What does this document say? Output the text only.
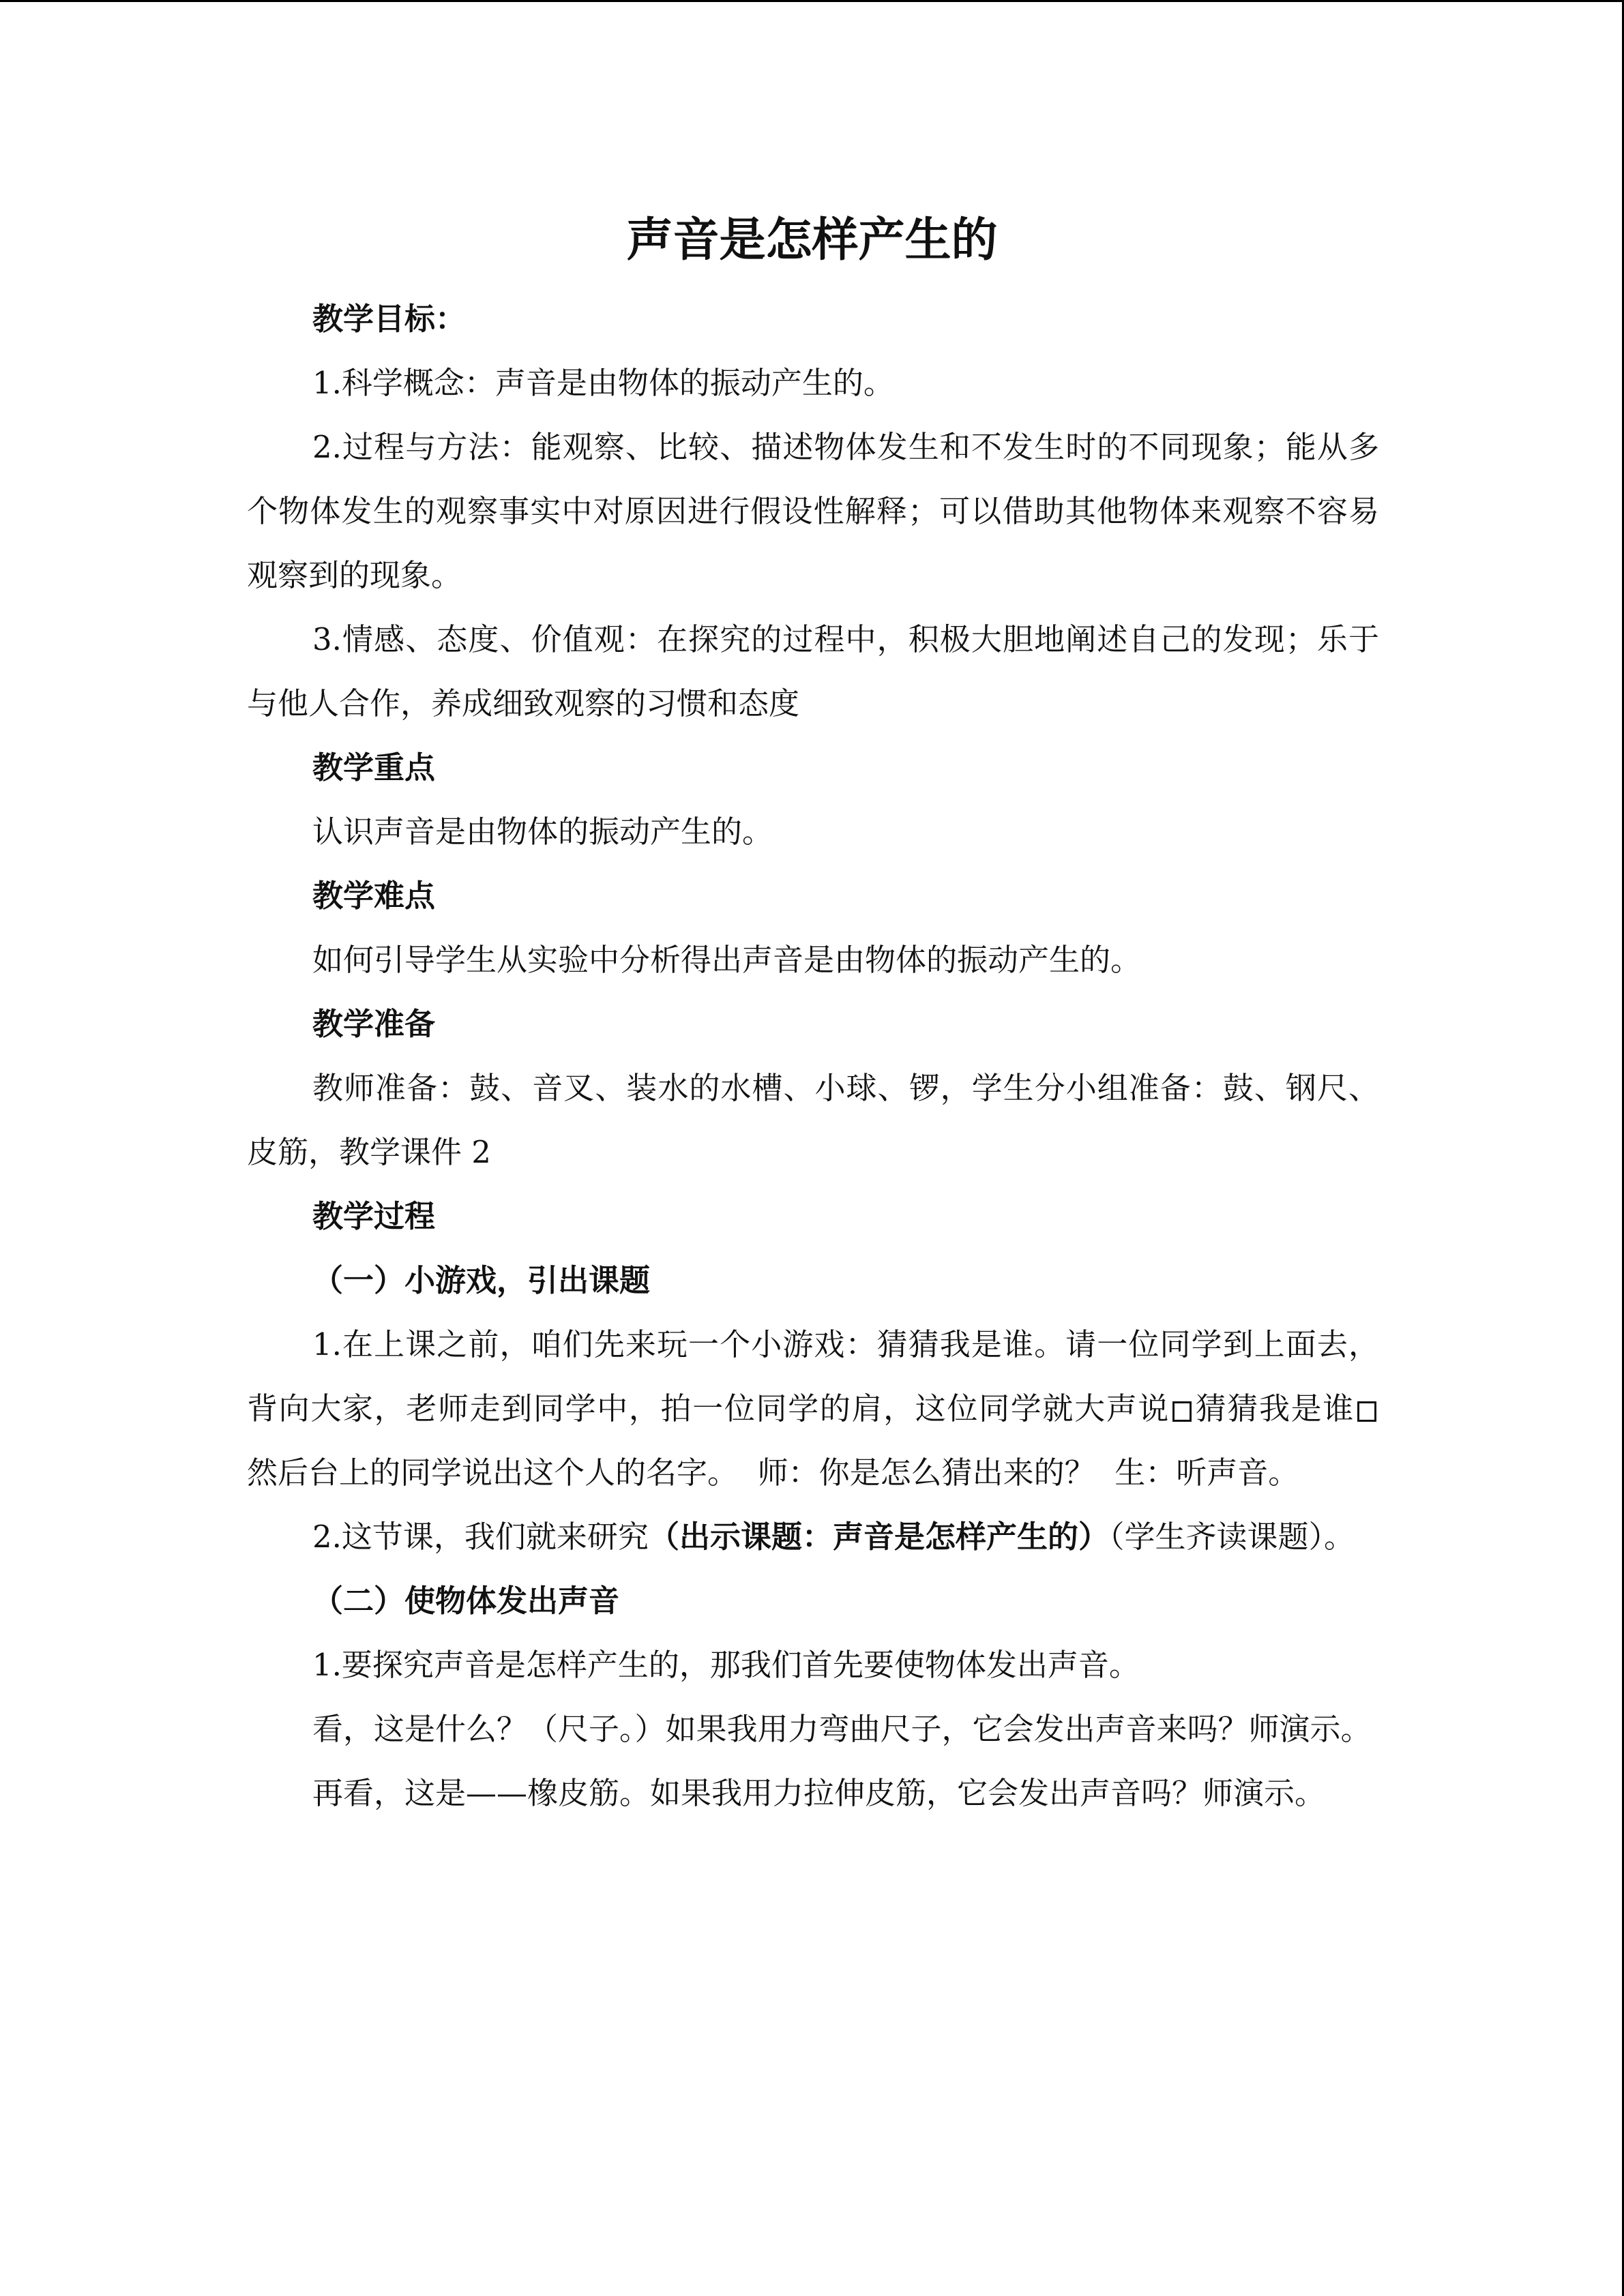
声音是怎样产生的

教学目标：

1.科学概念：声音是由物体的振动产生的。

2.过程与方法：能观察、比较、描述物体发生和不发生时的不同现象；能从多个物体发生的观察事实中对原因进行假设性解释；可以借助其他物体来观察不容易观察到的现象。

3.情感、态度、价值观：在探究的过程中，积极大胆地阐述自己的发现；乐于与他人合作，养成细致观察的习惯和态度

教学重点

认识声音是由物体的振动产生的。

教学难点

如何引导学生从实验中分析得出声音是由物体的振动产生的。

教学准备

教师准备：鼓、音叉、装水的水槽、小球、锣，学生分小组准备：鼓、钢尺、皮筋，教学课件 2

教学过程

（一）小游戏，引出课题

1.在上课之前，咱们先来玩一个小游戏：猜猜我是谁。请一位同学到上面去，背向大家，老师走到同学中，拍一位同学的肩，这位同学就大声说 猜猜我是谁 然后台上的同学说出这个人的名字。  师：你是怎么猜出来的？  生：听声音。

2.这节课，我们就来研究（出示课题：声音是怎样产生的）（学生齐读课题）。

（二）使物体发出声音

1.要探究声音是怎样产生的，那我们首先要使物体发出声音。

看，这是什么？（尺子。）如果我用力弯曲尺子，它会发出声音来吗？师演示。

再看，这是——橡皮筋。如果我用力拉伸皮筋，它会发出声音吗？师演示。
